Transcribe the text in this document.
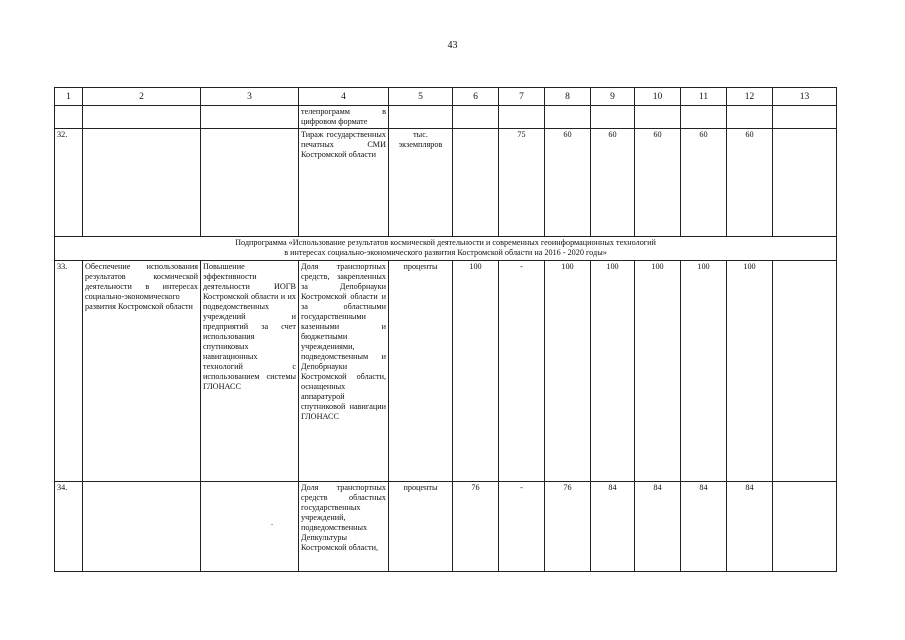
43
1	2	3	4	5	6	7	8	9	10	11	12	13
			телепрограмм в цифровом формате									
32.			Тираж государственных печатных СМИ Костромской области	тыс. экземпляров		75	60	60	60	60	60	

Подпрограмма «Использование результатов космической деятельности и современных геоинформационных технологий
в интересах социально-экономического развития Костромской области на 2016 - 2020 годы»												

33.	Обеспечение использования результатов космической деятельности в интересах социально-экономического развития Костромской области	Повышение эффективности деятельности ИОГВ Костромской области и их подведомственных учреждений и предприятий за счет использования спутниковых навигационных технологий с использованием системы ГЛОНАСС	Доля транспортных средств, закрепленных за Депобрнауки Костромской области и за областными государственными казенными и бюджетными учреждениями, подведомственным и Депобрнауки Костромской области, оснащенных аппаратурой спутниковой навигации ГЛОНАСС	проценты	100	-	100	100	100	100	100	
34.		.	Доля транспортных средств областных государственных учреждений, подведомственных Депкультуры Костромской области,	проценты	76	-	76	84	84	84	84	
